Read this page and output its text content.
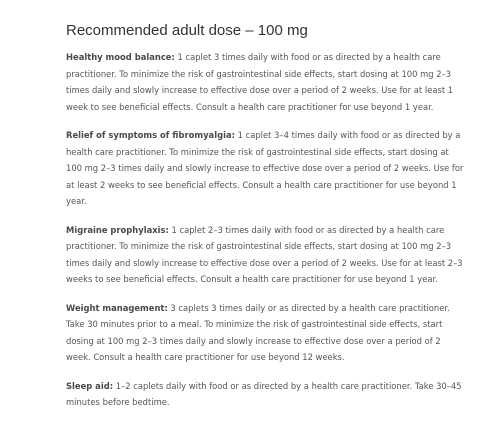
Recommended adult dose – 100 mg

Healthy mood balance: 1 caplet 3 times daily with food or as directed by a health care practitioner. To minimize the risk of gastrointestinal side effects, start dosing at 100 mg 2–3 times daily and slowly increase to effective dose over a period of 2 weeks. Use for at least 1 week to see beneficial effects. Consult a health care practitioner for use beyond 1 year.

Relief of symptoms of fibromyalgia: 1 caplet 3–4 times daily with food or as directed by a health care practitioner. To minimize the risk of gastrointestinal side effects, start dosing at 100 mg 2–3 times daily and slowly increase to effective dose over a period of 2 weeks. Use for at least 2 weeks to see beneficial effects. Consult a health care practitioner for use beyond 1 year.

Migraine prophylaxis: 1 caplet 2–3 times daily with food or as directed by a health care practitioner. To minimize the risk of gastrointestinal side effects, start dosing at 100 mg 2–3 times daily and slowly increase to effective dose over a period of 2 weeks. Use for at least 2–3 weeks to see beneficial effects. Consult a health care practitioner for use beyond 1 year.

Weight management: 3 caplets 3 times daily or as directed by a health care practitioner. Take 30 minutes prior to a meal. To minimize the risk of gastrointestinal side effects, start dosing at 100 mg 2–3 times daily and slowly increase to effective dose over a period of 2 week. Consult a health care practitioner for use beyond 12 weeks.

Sleep aid: 1–2 caplets daily with food or as directed by a health care practitioner. Take 30–45 minutes before bedtime.
